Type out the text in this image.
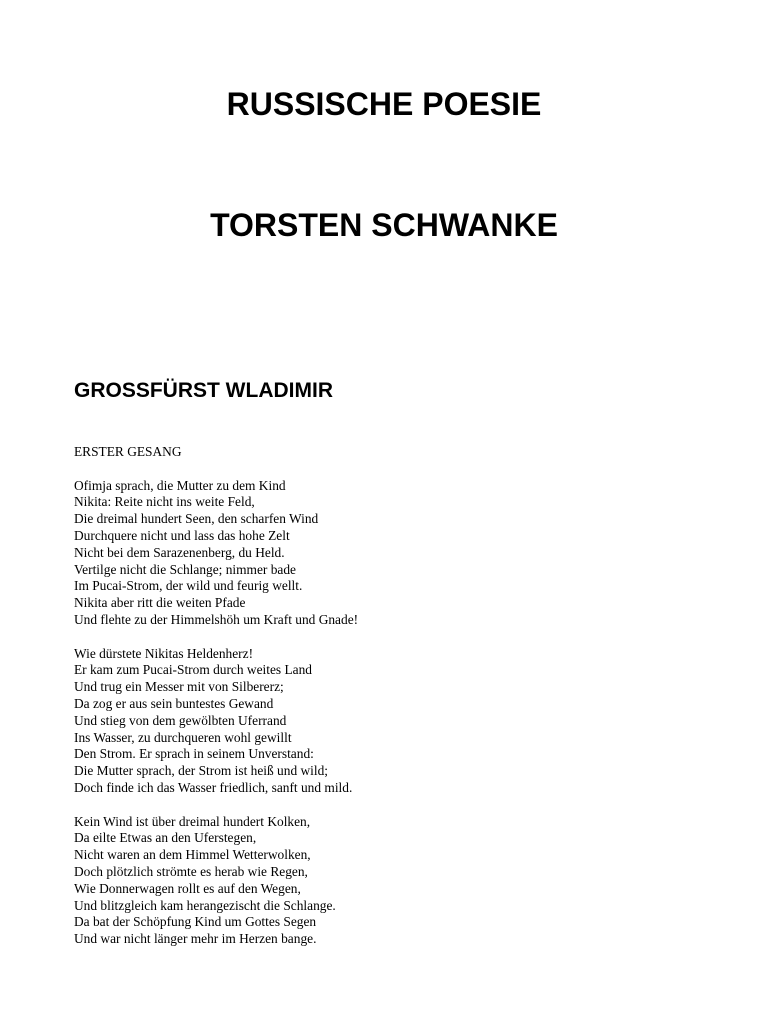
RUSSISCHE POESIE
TORSTEN SCHWANKE
GROSSFÜRST WLADIMIR
ERSTER GESANG
Ofimja sprach, die Mutter zu dem Kind
Nikita: Reite nicht ins weite Feld,
Die dreimal hundert Seen, den scharfen Wind
Durchquere nicht und lass das hohe Zelt
Nicht bei dem Sarazenenberg, du Held.
Vertilge nicht die Schlange; nimmer bade
Im Pucai-Strom, der wild und feurig wellt.
Nikita aber ritt die weiten Pfade
Und flehte zu der Himmelshöh um Kraft und Gnade!
Wie dürstete Nikitas Heldenherz!
Er kam zum Pucai-Strom durch weites Land
Und trug ein Messer mit von Silbererz;
Da zog er aus sein buntestes Gewand
Und stieg von dem gewölbten Uferrand
Ins Wasser, zu durchqueren wohl gewillt
Den Strom. Er sprach in seinem Unverstand:
Die Mutter sprach, der Strom ist heiß und wild;
Doch finde ich das Wasser friedlich, sanft und mild.
Kein Wind ist über dreimal hundert Kolken,
Da eilte Etwas an den Uferstegen,
Nicht waren an dem Himmel Wetterwolken,
Doch plötzlich strömte es herab wie Regen,
Wie Donnerwagen rollt es auf den Wegen,
Und blitzgleich kam herangezischt die Schlange.
Da bat der Schöpfung Kind um Gottes Segen
Und war nicht länger mehr im Herzen bange.
